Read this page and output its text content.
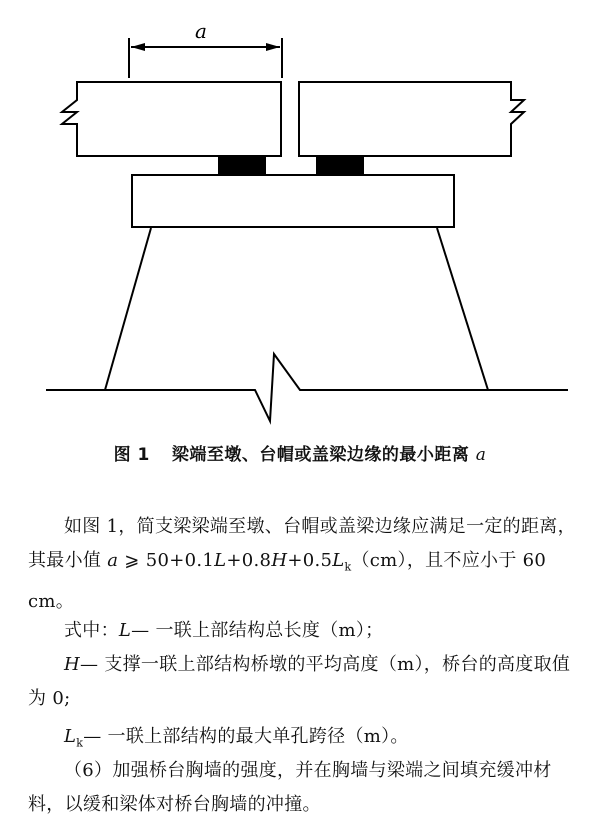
a
图 1 梁端至墩、台帽或盖梁边缘的最小距离 a

如图 1，简支梁梁端至墩、台帽或盖梁边缘应满足一定的距离，其最小值 a ⩾ $50+0.1L+0.8H+0.5L_k(cm)$，且不应小于 60 cm。

式中：L— 一联上部结构总长度（m）；

H— 支撑一联上部结构桥墩的平均高度（m），桥台的高度取值为 0;

$L_k—$ 一联上部结构的最大单孔跨径（m）。

（6）加强桥台胸墙的强度，并在胸墙与梁端之间填充缓冲材料，以缓和梁体对桥台胸墙的冲撞。
